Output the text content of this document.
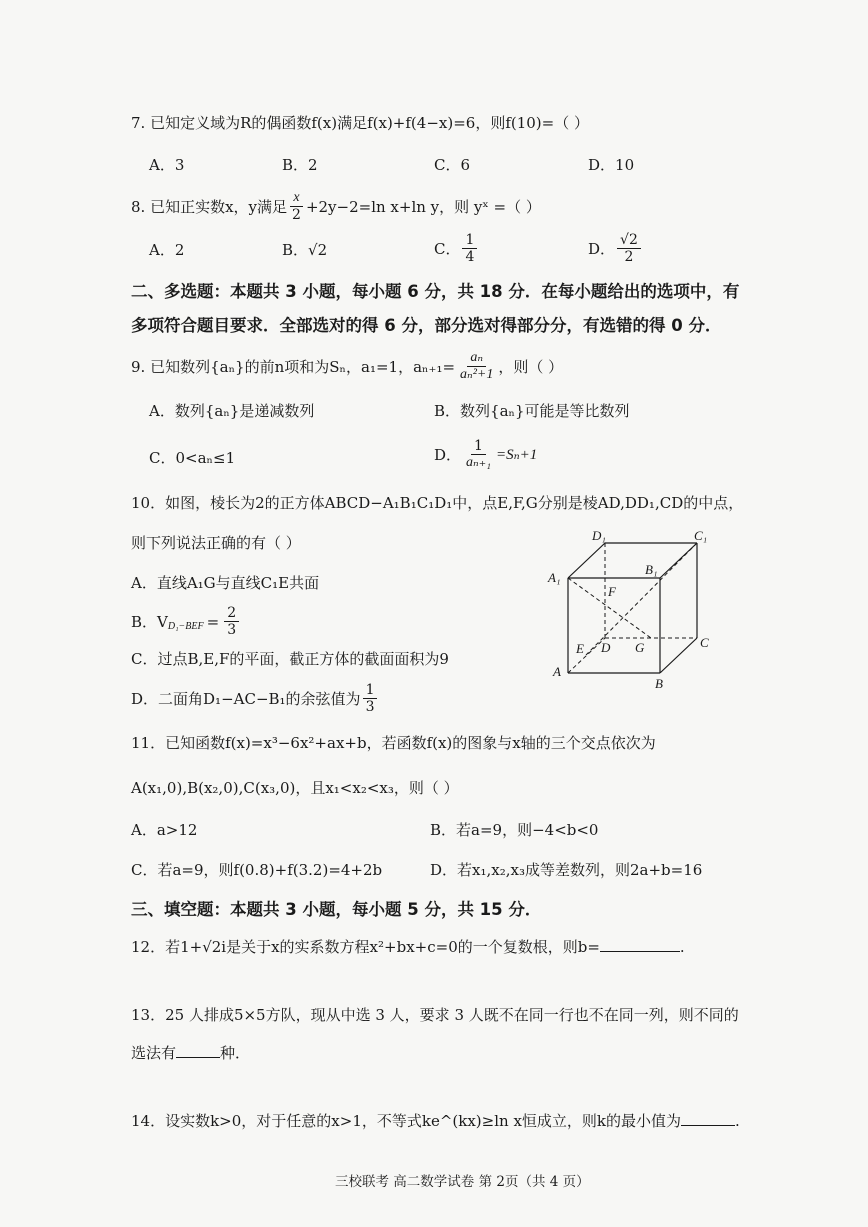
7. 已知定义域为R的偶函数f(x)满足f(x)+f(4−x)=6，则f(10)=（ ）
A．3	B．2	C．6	D．10
8. 已知正实数x，y满足 $\frac{x}{2} +2y-2=\ln$ x+ln y，则 yˣ =（ ）
A．2	B．√2	C． $\frac{1}{4}$	D． $\frac{√2}{2}$
二、多选题：本题共 3 小题，每小题 6 分，共 18 分．在每小题给出的选项中，有
多项符合题目要求．全部选对的得 6 分，部分选对得部分分，有选错的得 0 分．
9. 已知数列{aₙ}的前n项和为Sₙ，a₁=1，$a_{n+1}= \frac{\text{aₙ}}{\text{aₙ²+1}}$ ，则（ ）
A．数列{aₙ}是递减数列	B．数列{aₙ}可能是等比数列
C．0<aₙ≤1	D． $\frac{1}{\text{aₙ₊₁}} =S_n+1$
10．如图，棱长为2的正方体ABCD−A₁B₁C₁D₁中，点E,F,G分别是棱AD,DD₁,CD的中点，
则下列说法正确的有（ ）
A．直线A₁G与直线C₁E共面
B．$V_{D_1-BEF} = \frac{2}{3}$
C．过点B,E,F的平面，截正方体的截面面积为9
D．二面角D₁−AC−B₁的余弦值为 $\frac{1}{3}$
D₁	C₁
A₁
B₁
F
E D G	C
A
B
11．已知函数f(x)=x³−6x²+ax+b，若函数f(x)的图象与x轴的三个交点依次为
A(x₁,0),B(x₂,0),C(x₃,0)，且x₁<x₂<x₃，则（ ）
A．a>12	B．若a=9，则−4<b<0
C．若a=9，则f(0.8)+f(3.2)=4+2b	D．若x₁,x₂,x₃成等差数列，则2a+b=16
三、填空题：本题共 3 小题，每小题 5 分，共 15 分．
12．若1+√2i是关于x的实系数方程x²+bx+c=0的一个复数根，则b=	.
13．25 人排成5×5方队，现从中选 3 人，要求 3 人既不在同一行也不在同一列，则不同的
选法有	种．
14．设实数k>0，对于任意的x>1，不等式ke^(kx)≥ln x恒成立，则k的最小值为	.
三校联考 高二数学试卷 第 2页（共 4 页）
